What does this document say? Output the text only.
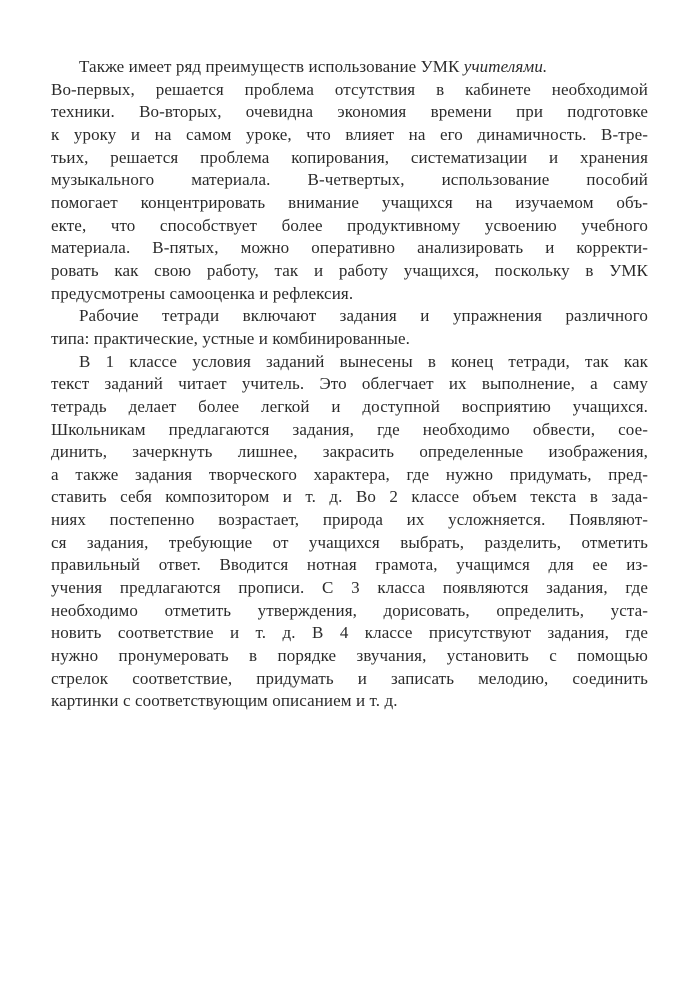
Также имеет ряд преимуществ использование УМК учителями.
Во-первых, решается проблема отсутствия в кабинете необходимой
техники. Во-вторых, очевидна экономия времени при подготовке
к уроку и на самом уроке, что влияет на его динамичность. В-тре-
тьих, решается проблема копирования, систематизации и хранения
музыкального материала. В-четвертых, использование пособий
помогает концентрировать внимание учащихся на изучаемом объ-
екте, что способствует более продуктивному усвоению учебного
материала. В-пятых, можно оперативно анализировать и корректи-
ровать как свою работу, так и работу учащихся, поскольку в УМК
предусмотрены самооценка и рефлексия.
Рабочие тетради включают задания и упражнения различного
типа: практические, устные и комбинированные.
В 1 классе условия заданий вынесены в конец тетради, так как
текст заданий читает учитель. Это облегчает их выполнение, а саму
тетрадь делает более легкой и доступной восприятию учащихся.
Школьникам предлагаются задания, где необходимо обвести, сое-
динить, зачеркнуть лишнее, закрасить определенные изображения,
а также задания творческого характера, где нужно придумать, пред-
ставить себя композитором и т. д. Во 2 классе объем текста в зада-
ниях постепенно возрастает, природа их усложняется. Появляют-
ся задания, требующие от учащихся выбрать, разделить, отметить
правильный ответ. Вводится нотная грамота, учащимся для ее из-
учения предлагаются прописи. С 3 класса появляются задания, где
необходимо отметить утверждения, дорисовать, определить, уста-
новить соответствие и т. д. В 4 классе присутствуют задания, где
нужно пронумеровать в порядке звучания, установить с помощью
стрелок соответствие, придумать и записать мелодию, соединить
картинки с соответствующим описанием и т. д.
